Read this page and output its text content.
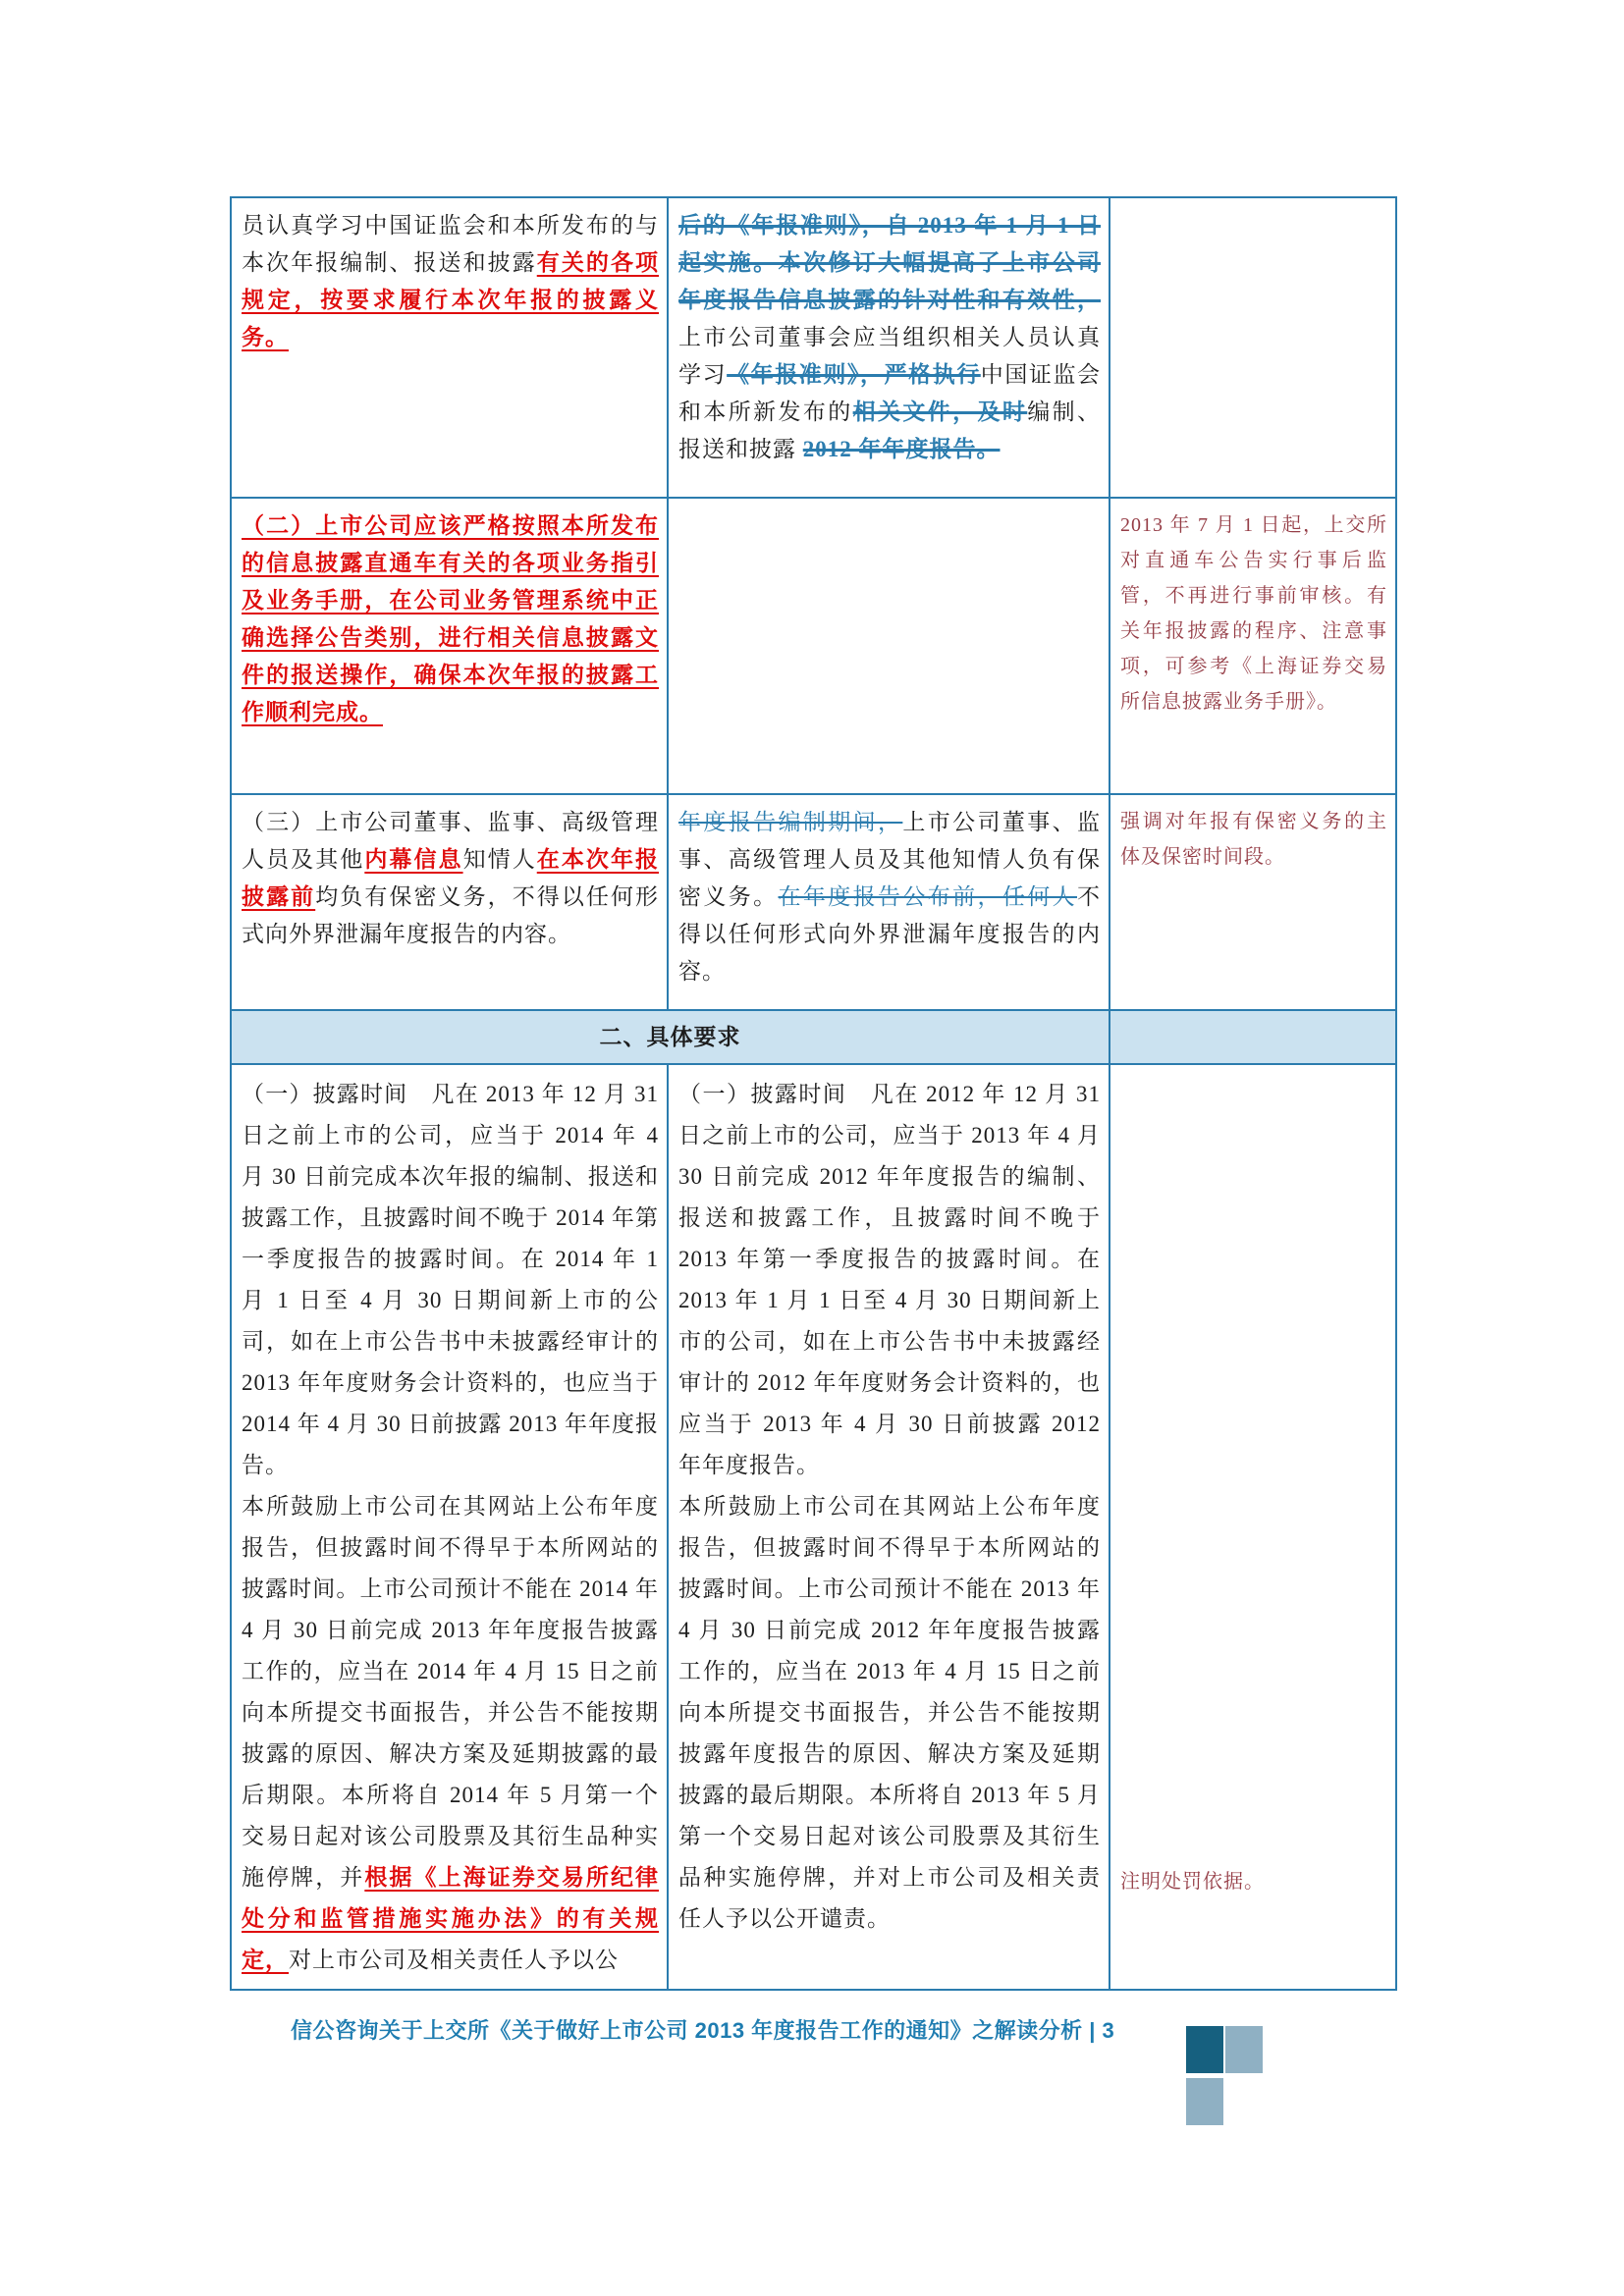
员认真学习中国证监会和本所发布的与本次年报编制、报送和披露有关的各项规定，按要求履行本次年报的披露义务。

后的《年报准则》，自 2013 年 1 月 1 日起实施。本次修订大幅提高了上市公司年度报告信息披露的针对性和有效性，上市公司董事会应当组织相关人员认真学习《年报准则》，严格执行中国证监会和本所新发布的相关文件，及时编制、报送和披露 2012 年年度报告。

（二）上市公司应该严格按照本所发布的信息披露直通车有关的各项业务指引及业务手册，在公司业务管理系统中正确选择公告类别，进行相关信息披露文件的报送操作，确保本次年报的披露工作顺利完成。

2013 年 7 月 1 日起，上交所对直通车公告实行事后监管，不再进行事前审核。有关年报披露的程序、注意事项，可参考《上海证券交易所信息披露业务手册》。

（三）上市公司董事、监事、高级管理人员及其他内幕信息知情人在本次年报披露前均负有保密义务，不得以任何形式向外界泄漏年度报告的内容。

年度报告编制期间，上市公司董事、监事、高级管理人员及其他知情人负有保密义务。在年度报告公布前，任何人不得以任何形式向外界泄漏年度报告的内容。

强调对年报有保密义务的主体及保密时间段。

二、具体要求

（一）披露时间　凡在 2013 年 12 月 31 日之前上市的公司，应当于 2014 年 4 月 30 日前完成本次年报的编制、报送和披露工作，且披露时间不晚于 2014 年第一季度报告的披露时间。在 2014 年 1 月 1 日至 4 月 30 日期间新上市的公司，如在上市公告书中未披露经审计的 2013 年年度财务会计资料的，也应当于 2014 年 4 月 30 日前披露 2013 年年度报告。

本所鼓励上市公司在其网站上公布年度报告，但披露时间不得早于本所网站的披露时间。上市公司预计不能在 2014 年 4 月 30 日前完成 2013 年年度报告披露工作的，应当在 2014 年 4 月 15 日之前向本所提交书面报告，并公告不能按期披露的原因、解决方案及延期披露的最后期限。本所将自 2014 年 5 月第一个交易日起对该公司股票及其衍生品种实施停牌，并根据《上海证券交易所纪律处分和监管措施实施办法》的有关规定，对上市公司及相关责任人予以公

（一）披露时间　凡在 2012 年 12 月 31 日之前上市的公司，应当于 2013 年 4 月 30 日前完成 2012 年年度报告的编制、报送和披露工作，且披露时间不晚于 2013 年第一季度报告的披露时间。在 2013 年 1 月 1 日至 4 月 30 日期间新上市的公司，如在上市公告书中未披露经审计的 2012 年年度财务会计资料的，也应当于 2013 年 4 月 30 日前披露 2012 年年度报告。

本所鼓励上市公司在其网站上公布年度报告，但披露时间不得早于本所网站的披露时间。上市公司预计不能在 2013 年 4 月 30 日前完成 2012 年年度报告披露工作的，应当在 2013 年 4 月 15 日之前向本所提交书面报告，并公告不能按期披露年度报告的原因、解决方案及延期披露的最后期限。本所将自 2013 年 5 月第一个交易日起对该公司股票及其衍生品种实施停牌，并对上市公司及相关责任人予以公开谴责。

注明处罚依据。

信公咨询关于上交所《关于做好上市公司 2013 年度报告工作的通知》之解读分析 | 3
